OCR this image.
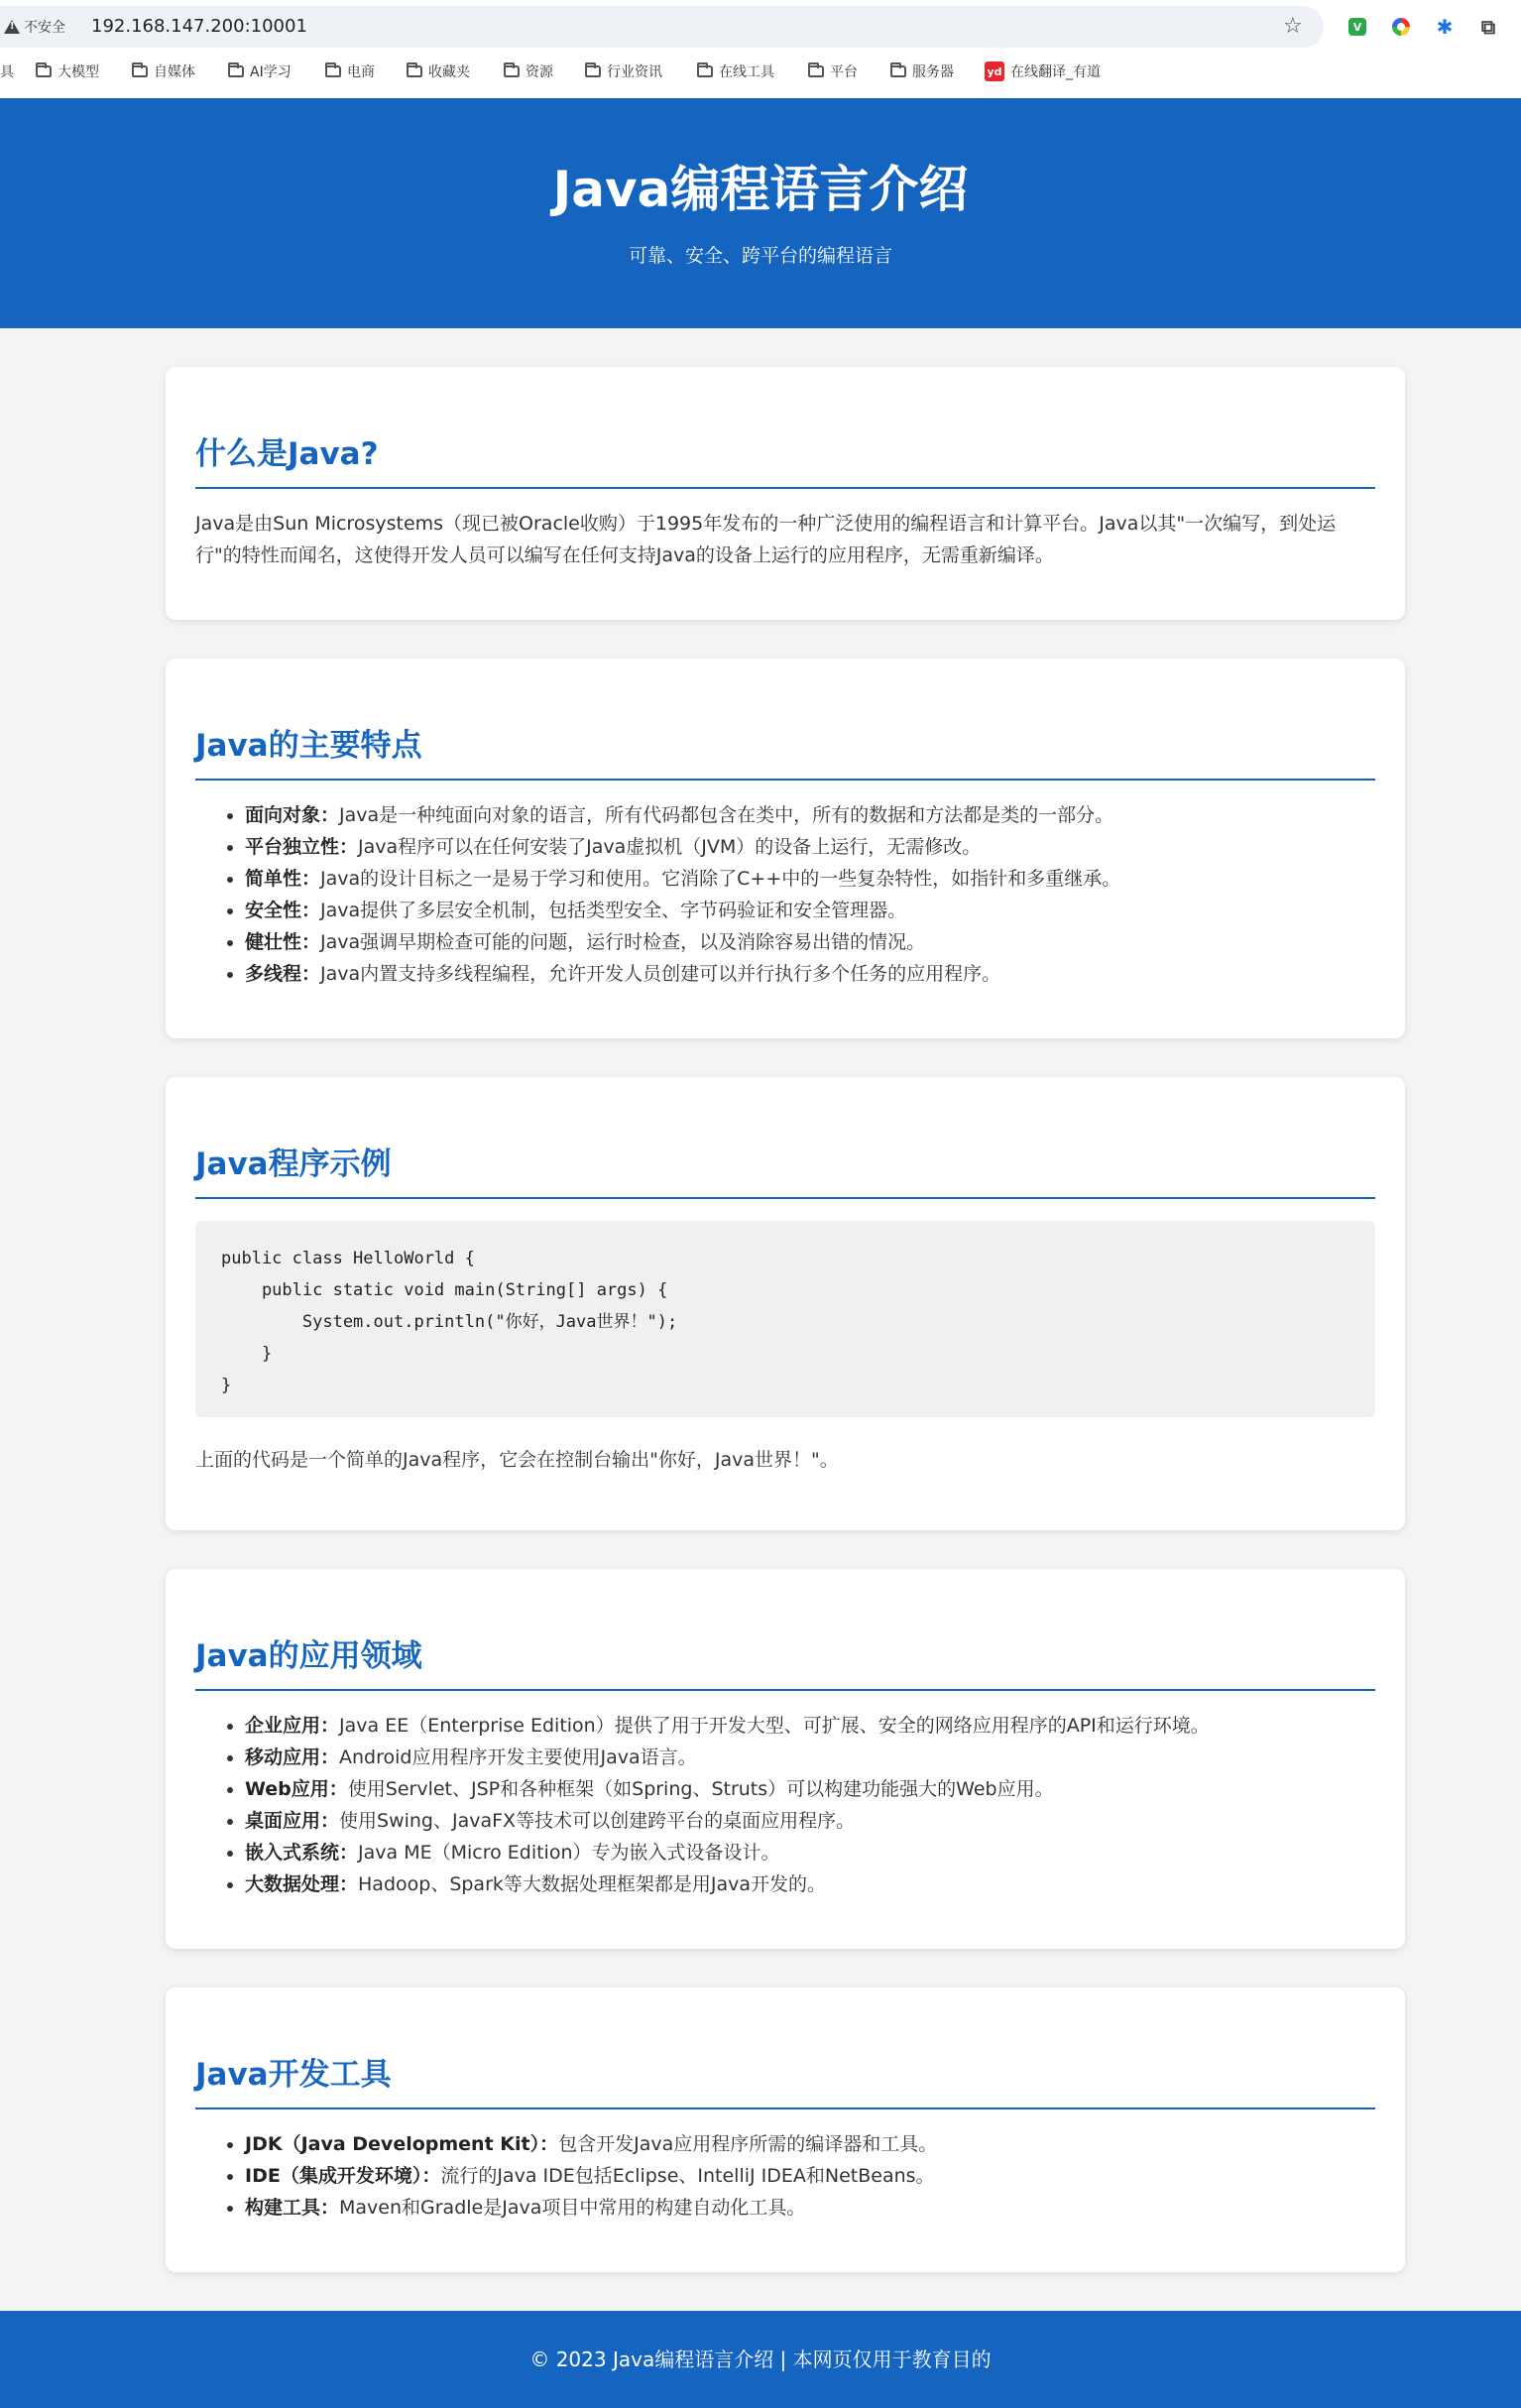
!
不安全 192.168.147.200:10001	☆	V	✱ ⧉
具	大模型	自媒体	AI学习	电商	收藏夹	资源	行业资讯	在线工具	平台	服务器	yd 在线翻译_有道
Java编程语言介绍

可靠、安全、跨平台的编程语言

什么是Java?

Java是由Sun Microsystems（现已被Oracle收购）于1995年发布的一种广泛使用的编程语言和计算平台。Java以其"一次编写，到处运行"的特性而闻名，这使得开发人员可以编写在任何支持Java的设备上运行的应用程序，无需重新编译。

Java的主要特点
• 面向对象：Java是一种纯面向对象的语言，所有代码都包含在类中，所有的数据和方法都是类的一部分。
• 平台独立性：Java程序可以在任何安装了Java虚拟机（JVM）的设备上运行，无需修改。
• 简单性：Java的设计目标之一是易于学习和使用。它消除了C++中的一些复杂特性，如指针和多重继承。
• 安全性：Java提供了多层安全机制，包括类型安全、字节码验证和安全管理器。
• 健壮性：Java强调早期检查可能的问题，运行时检查，以及消除容易出错的情况。
• 多线程：Java内置支持多线程编程，允许开发人员创建可以并行执行多个任务的应用程序。
Java程序示例
public class HelloWorld {
public static void main(String[] args) {
System.out.println("你好，Java世界！");
}
}

上面的代码是一个简单的Java程序，它会在控制台输出"你好，Java世界！"。

Java的应用领域
• 企业应用：Java EE（Enterprise Edition）提供了用于开发大型、可扩展、安全的网络应用程序的API和运行环境。
• 移动应用：Android应用程序开发主要使用Java语言。
• Web应用：使用Servlet、JSP和各种框架（如Spring、Struts）可以构建功能强大的Web应用。
• 桌面应用：使用Swing、JavaFX等技术可以创建跨平台的桌面应用程序。
• 嵌入式系统：Java ME（Micro Edition）专为嵌入式设备设计。
• 大数据处理：Hadoop、Spark等大数据处理框架都是用Java开发的。
Java开发工具
• JDK（Java Development Kit）：包含开发Java应用程序所需的编译器和工具。
• IDE（集成开发环境）：流行的Java IDE包括Eclipse、IntelliJ IDEA和NetBeans。
• 构建工具：Maven和Gradle是Java项目中常用的构建自动化工具。
© 2023 Java编程语言介绍 | 本网页仅用于教育目的
